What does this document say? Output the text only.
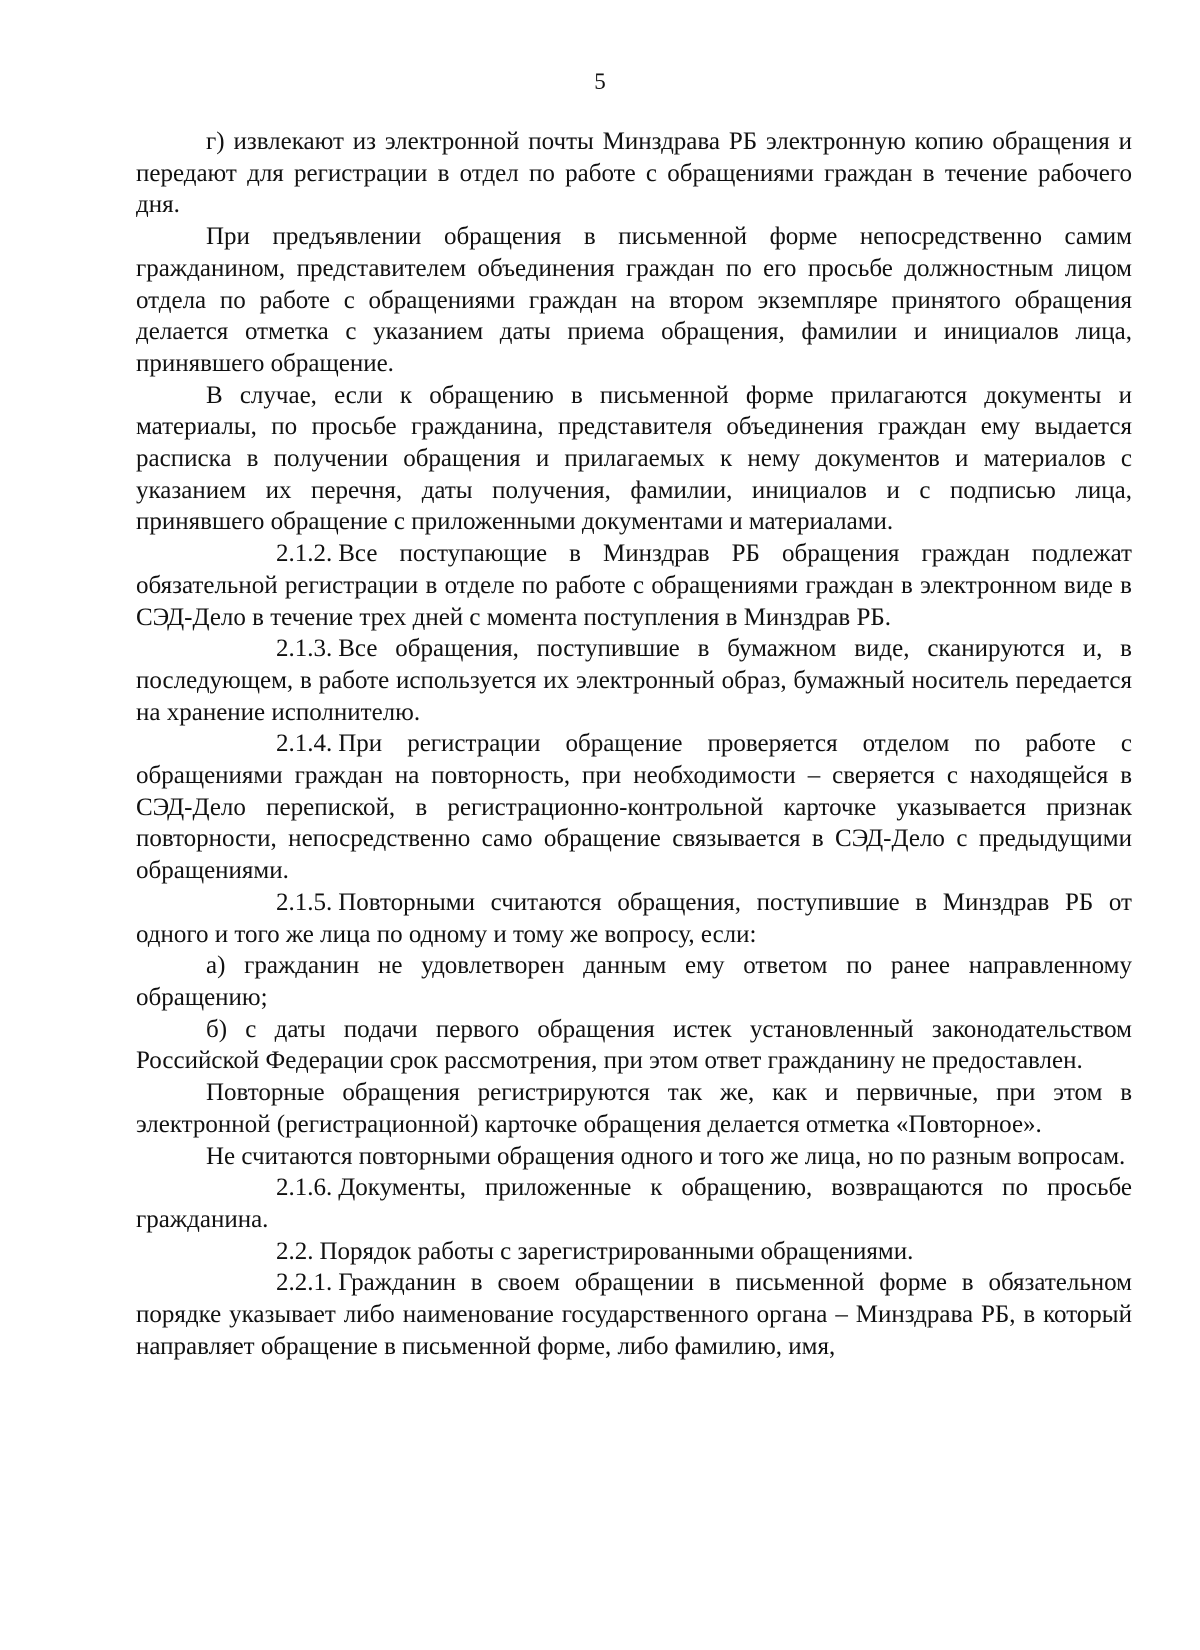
5

г) извлекают из электронной почты Минздрава РБ электронную копию обращения и передают для регистрации в отдел по работе с обращениями граждан в течение рабочего дня.

При предъявлении обращения в письменной форме непосредственно самим гражданином, представителем объединения граждан по его просьбе должностным лицом отдела по работе с обращениями граждан на втором экземпляре принятого обращения делается отметка с указанием даты приема обращения, фамилии и инициалов лица, принявшего обращение.

В случае, если к обращению в письменной форме прилагаются документы и материалы, по просьбе гражданина, представителя объединения граждан ему выдается расписка в получении обращения и прилагаемых к нему документов и материалов с указанием их перечня, даты получения, фамилии, инициалов и с подписью лица, принявшего обращение с приложенными документами и материалами.

2.1.2. Все поступающие в Минздрав РБ обращения граждан подлежат обязательной регистрации в отделе по работе с обращениями граждан в электронном виде в СЭД-Дело в течение трех дней с момента поступления в Минздрав РБ.

2.1.3. Все обращения, поступившие в бумажном виде, сканируются и, в последующем, в работе используется их электронный образ, бумажный носитель передается на хранение исполнителю.

2.1.4. При регистрации обращение проверяется отделом по работе с обращениями граждан на повторность, при необходимости – сверяется с находящейся в СЭД-Дело перепиской, в регистрационно-контрольной карточке указывается признак повторности, непосредственно само обращение связывается в СЭД-Дело с предыдущими обращениями.

2.1.5. Повторными считаются обращения, поступившие в Минздрав РБ от одного и того же лица по одному и тому же вопросу, если:

а) гражданин не удовлетворен данным ему ответом по ранее направленному обращению;

б) с даты подачи первого обращения истек установленный законодательством Российской Федерации срок рассмотрения, при этом ответ гражданину не предоставлен.

Повторные обращения регистрируются так же, как и первичные, при этом в электронной (регистрационной) карточке обращения делается отметка «Повторное».

Не считаются повторными обращения одного и того же лица, но по разным вопросам.

2.1.6. Документы, приложенные к обращению, возвращаются по просьбе гражданина.

2.2. Порядок работы с зарегистрированными обращениями.

2.2.1. Гражданин в своем обращении в письменной форме в обязательном порядке указывает либо наименование государственного органа – Минздрава РБ, в который направляет обращение в письменной форме, либо фамилию, имя,
